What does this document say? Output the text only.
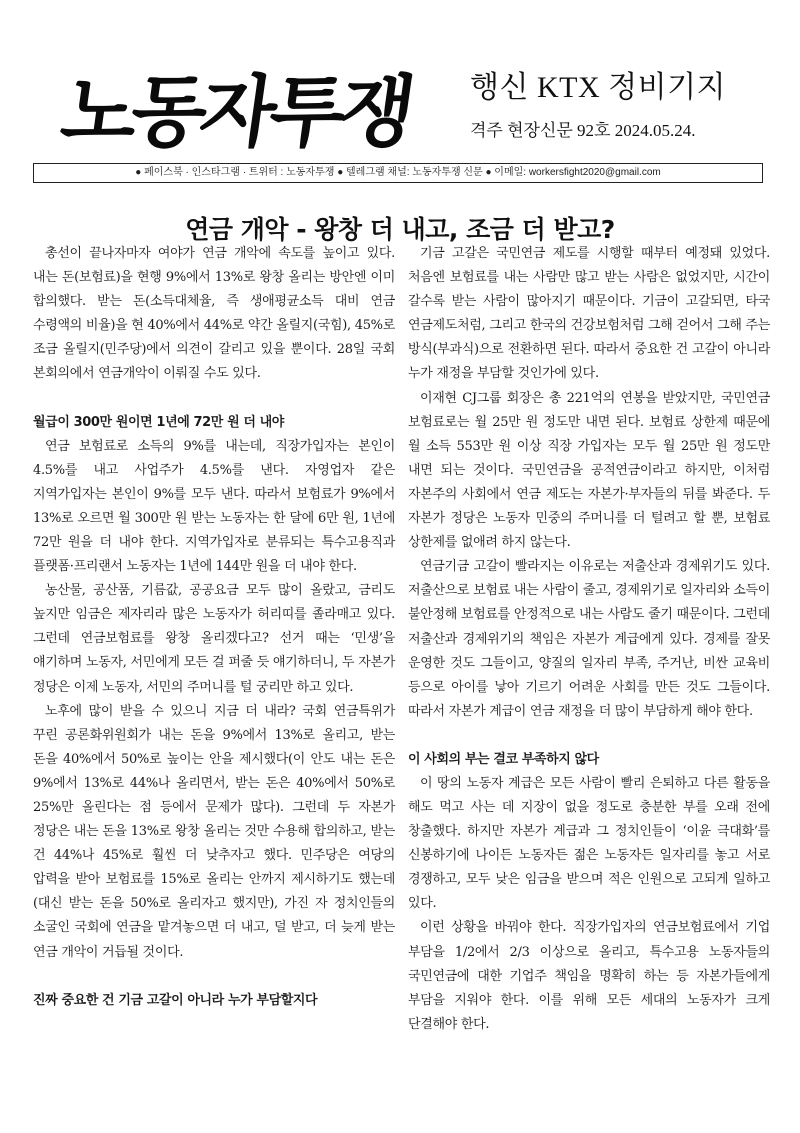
노동자투쟁	행신 KTX 정비기지
격주 현장신문 92호 2024.05.24.
● 페이스북 · 인스타그램 · 트위터 : 노동자투쟁 ● 텔레그램 채널: 노동자투쟁 신문 ● 이메일: workersfight2020@gmail.com
연금 개악 - 왕창 더 내고, 조금 더 받고?

총선이 끝나자마자 여야가 연금 개악에 속도를 높이고 있다. 내는 돈(보험료)을 현행 9%에서 13%로 왕창 올리는 방안엔 이미 합의했다. 받는 돈(소득대체율, 즉 생애평균소득 대비 연금 수령액의 비율)을 현 40%에서 44%로 약간 올릴지(국힘), 45%로 조금 올릴지(민주당)에서 의견이 갈리고 있을 뿐이다. 28일 국회 본회의에서 연금개악이 이뤄질 수도 있다.

월급이 300만 원이면 1년에 72만 원 더 내야

연금 보험료로 소득의 9%를 내는데, 직장가입자는 본인이 4.5%를 내고 사업주가 4.5%를 낸다. 자영업자 같은 지역가입자는 본인이 9%를 모두 낸다. 따라서 보험료가 9%에서 13%로 오르면 월 300만 원 받는 노동자는 한 달에 6만 원, 1년에 72만 원을 더 내야 한다. 지역가입자로 분류되는 특수고용직과 플랫폼·프리랜서 노동자는 1년에 144만 원을 더 내야 한다.

농산물, 공산품, 기름값, 공공요금 모두 많이 올랐고, 금리도 높지만 임금은 제자리라 많은 노동자가 허리띠를 졸라매고 있다. 그런데 연금보험료를 왕창 올리겠다고? 선거 때는 ‘민생’을 얘기하며 노동자, 서민에게 모든 걸 퍼줄 듯 얘기하더니, 두 자본가 정당은 이제 노동자, 서민의 주머니를 털 궁리만 하고 있다.

노후에 많이 받을 수 있으니 지금 더 내라? 국회 연금특위가 꾸린 공론화위원회가 내는 돈을 9%에서 13%로 올리고, 받는 돈을 40%에서 50%로 높이는 안을 제시했다(이 안도 내는 돈은 9%에서 13%로 44%나 올리면서, 받는 돈은 40%에서 50%로 25%만 올린다는 점 등에서 문제가 많다). 그런데 두 자본가 정당은 내는 돈을 13%로 왕창 올리는 것만 수용해 합의하고, 받는 건 44%나 45%로 훨씬 더 낮추자고 했다. 민주당은 여당의 압력을 받아 보험료를 15%로 올리는 안까지 제시하기도 했는데(대신 받는 돈을 50%로 올리자고 했지만), 가진 자 정치인들의 소굴인 국회에 연금을 맡겨놓으면 더 내고, 덜 받고, 더 늦게 받는 연금 개악이 거듭될 것이다.

진짜 중요한 건 기금 고갈이 아니라 누가 부담할지다

기금 고갈은 국민연금 제도를 시행할 때부터 예정돼 있었다. 처음엔 보험료를 내는 사람만 많고 받는 사람은 없었지만, 시간이 갈수록 받는 사람이 많아지기 때문이다. 기금이 고갈되면, 타국 연금제도처럼, 그리고 한국의 건강보험처럼 그해 걷어서 그해 주는 방식(부과식)으로 전환하면 된다. 따라서 중요한 건 고갈이 아니라 누가 재정을 부담할 것인가에 있다.

이재현 CJ그룹 회장은 총 221억의 연봉을 받았지만, 국민연금 보험료로는 월 25만 원 정도만 내면 된다. 보험료 상한제 때문에 월 소득 553만 원 이상 직장 가입자는 모두 월 25만 원 정도만 내면 되는 것이다. 국민연금을 공적연금이라고 하지만, 이처럼 자본주의 사회에서 연금 제도는 자본가·부자들의 뒤를 봐준다. 두 자본가 정당은 노동자 민중의 주머니를 더 털려고 할 뿐, 보험료 상한제를 없애려 하지 않는다.

연금기금 고갈이 빨라지는 이유로는 저출산과 경제위기도 있다. 저출산으로 보험료 내는 사람이 줄고, 경제위기로 일자리와 소득이 불안정해 보험료를 안정적으로 내는 사람도 줄기 때문이다. 그런데 저출산과 경제위기의 책임은 자본가 계급에게 있다. 경제를 잘못 운영한 것도 그들이고, 양질의 일자리 부족, 주거난, 비싼 교육비 등으로 아이를 낳아 기르기 어려운 사회를 만든 것도 그들이다. 따라서 자본가 계급이 연금 재정을 더 많이 부담하게 해야 한다.

이 사회의 부는 결코 부족하지 않다

이 땅의 노동자 계급은 모든 사람이 빨리 은퇴하고 다른 활동을 해도 먹고 사는 데 지장이 없을 정도로 충분한 부를 오래 전에 창출했다. 하지만 자본가 계급과 그 정치인들이 ‘이윤 극대화’를 신봉하기에 나이든 노동자든 젊은 노동자든 일자리를 놓고 서로 경쟁하고, 모두 낮은 임금을 받으며 적은 인원으로 고되게 일하고 있다.

이런 상황을 바꿔야 한다. 직장가입자의 연금보험료에서 기업 부담을 1/2에서 2/3 이상으로 올리고, 특수고용 노동자들의 국민연금에 대한 기업주 책임을 명확히 하는 등 자본가들에게 부담을 지워야 한다. 이를 위해 모든 세대의 노동자가 크게 단결해야 한다.
